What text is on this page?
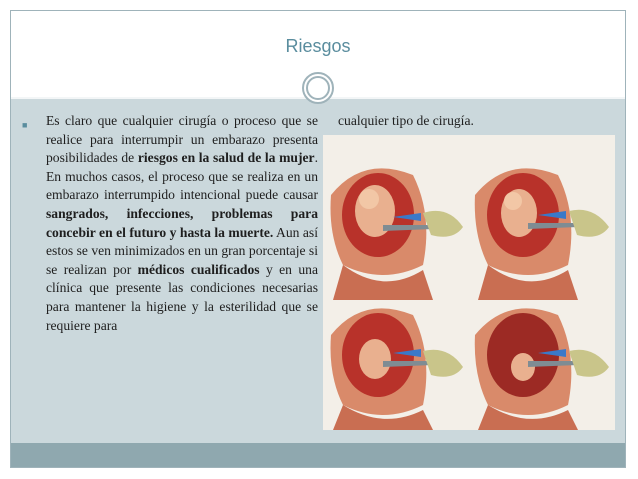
Riesgos
■ Es claro que cualquier cirugía o proceso que se realice para interrumpir un embarazo presenta posibilidades de riesgos en la salud de la mujer. En muchos casos, el proceso que se realiza en un embarazo interrumpido intencional puede causar sangrados, infecciones, problemas para concebir en el futuro y hasta la muerte. Aun así estos se ven minimizados en un gran porcentaje si se realizan por médicos cualificados y en una clínica que presente las condiciones necesarias para mantener la higiene y la esterilidad que se requiere para
cualquier tipo de cirugía.
